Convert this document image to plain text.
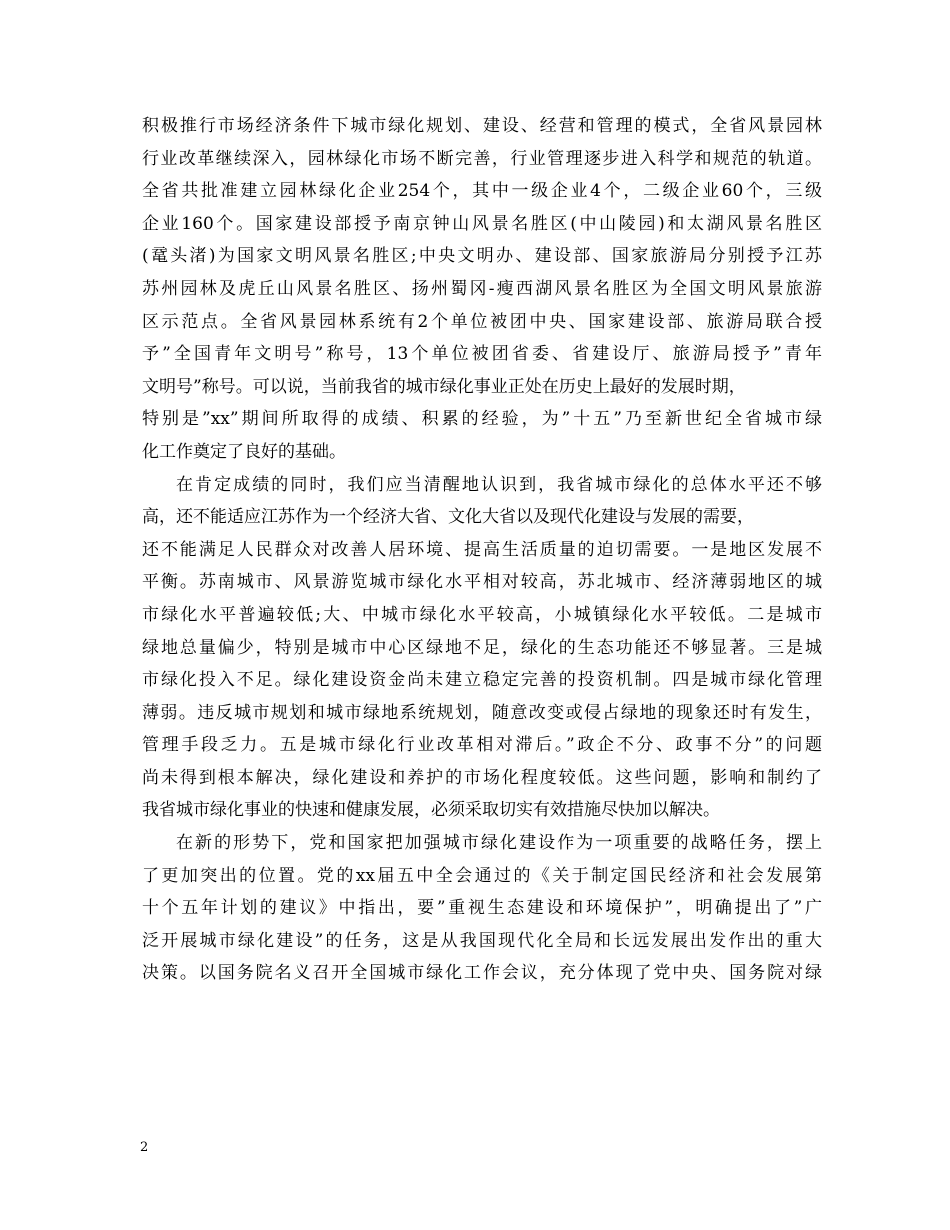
积极推行市场经济条件下城市绿化规划、建设、经营和管理的模式，全省风景园林
行业改革继续深入，园林绿化市场不断完善，行业管理逐步进入科学和规范的轨道。
全省共批准建立园林绿化企业254个，其中一级企业4个，二级企业60个，三级
企业160个。国家建设部授予南京钟山风景名胜区(中山陵园)和太湖风景名胜区
(鼋头渚)为国家文明风景名胜区;中央文明办、建设部、国家旅游局分别授予江苏
苏州园林及虎丘山风景名胜区、扬州蜀冈-瘦西湖风景名胜区为全国文明风景旅游
区示范点。全省风景园林系统有2个单位被团中央、国家建设部、旅游局联合授
予”全国青年文明号”称号，13个单位被团省委、省建设厅、旅游局授予”青年
文明号”称号。可以说，当前我省的城市绿化事业正处在历史上最好的发展时期，
特别是”xx”期间所取得的成绩、积累的经验，为”十五”乃至新世纪全省城市绿
化工作奠定了良好的基础。
在肯定成绩的同时，我们应当清醒地认识到，我省城市绿化的总体水平还不够
高，还不能适应江苏作为一个经济大省、文化大省以及现代化建设与发展的需要，
还不能满足人民群众对改善人居环境、提高生活质量的迫切需要。一是地区发展不
平衡。苏南城市、风景游览城市绿化水平相对较高，苏北城市、经济薄弱地区的城
市绿化水平普遍较低;大、中城市绿化水平较高，小城镇绿化水平较低。二是城市
绿地总量偏少，特别是城市中心区绿地不足，绿化的生态功能还不够显著。三是城
市绿化投入不足。绿化建设资金尚未建立稳定完善的投资机制。四是城市绿化管理
薄弱。违反城市规划和城市绿地系统规划，随意改变或侵占绿地的现象还时有发生，
管理手段乏力。五是城市绿化行业改革相对滞后。”政企不分、政事不分”的问题
尚未得到根本解决，绿化建设和养护的市场化程度较低。这些问题，影响和制约了
我省城市绿化事业的快速和健康发展，必须采取切实有效措施尽快加以解决。
在新的形势下，党和国家把加强城市绿化建设作为一项重要的战略任务，摆上
了更加突出的位置。党的xx届五中全会通过的《关于制定国民经济和社会发展第
十个五年计划的建议》中指出，要”重视生态建设和环境保护”，明确提出了”广
泛开展城市绿化建设”的任务，这是从我国现代化全局和长远发展出发作出的重大
决策。以国务院名义召开全国城市绿化工作会议，充分体现了党中央、国务院对绿
2
